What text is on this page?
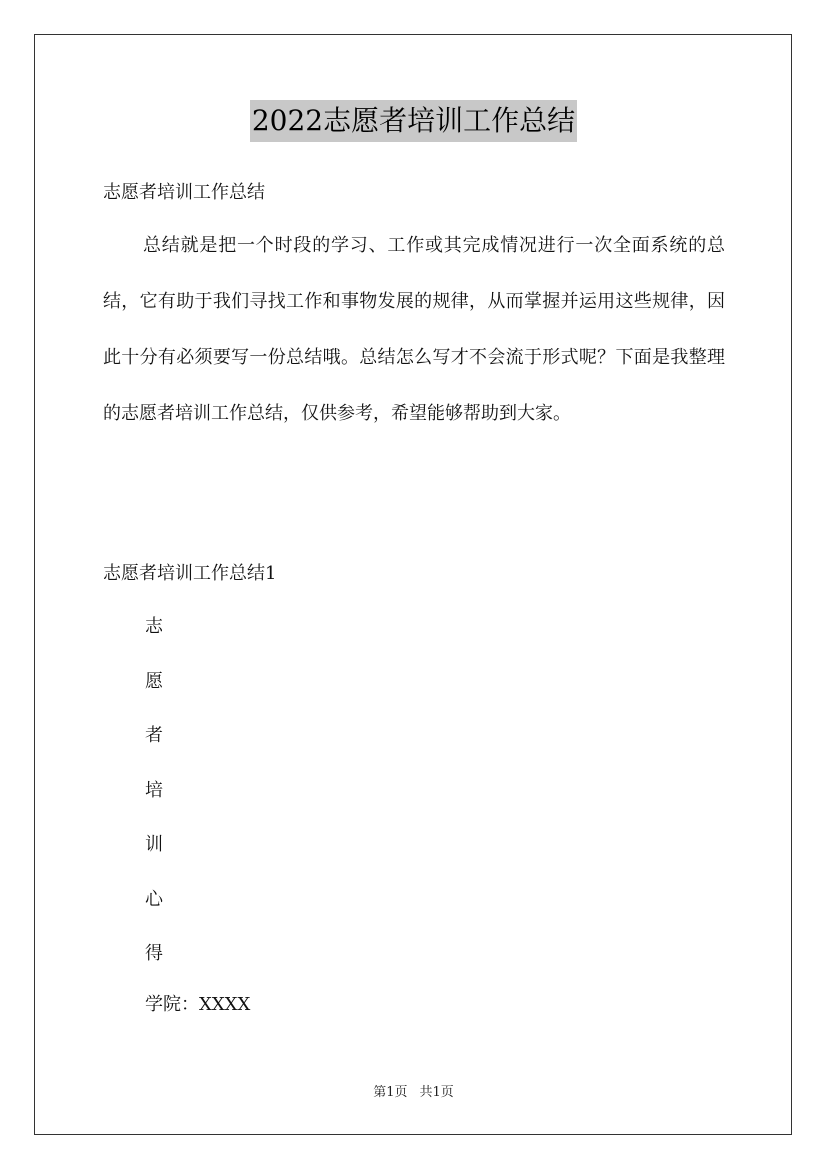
2022志愿者培训工作总结
志愿者培训工作总结

总结就是把一个时段的学习、工作或其完成情况进行一次全面系统的总结，它有助于我们寻找工作和事物发展的规律，从而掌握并运用这些规律，因此十分有必须要写一份总结哦。总结怎么写才不会流于形式呢？下面是我整理的志愿者培训工作总结，仅供参考，希望能够帮助到大家。

志愿者培训工作总结1
志
愿
者
培
训
心
得
学院：XXXX
第1页 共1页
